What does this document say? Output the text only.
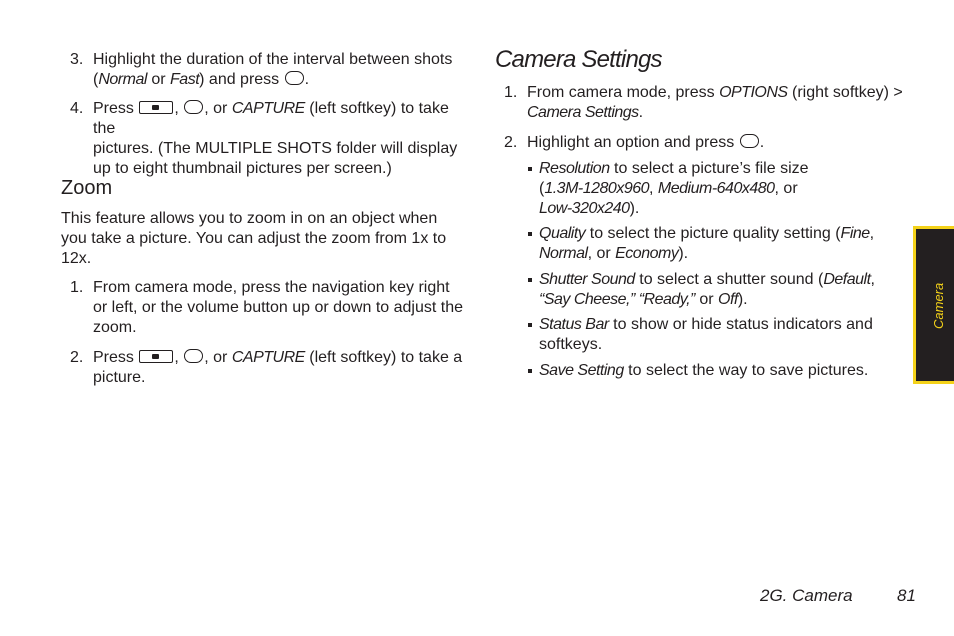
3. Highlight the duration of the interval between shots
(Normal or Fast) and press .
4. Press	, , or CAPTURE (left softkey) to take the
pictures. (The MULTIPLE SHOTS folder will display
up to eight thumbnail pictures per screen.)
Zoom
This feature allows you to zoom in on an object when
you take a picture. You can adjust the zoom from 1x to
12x.
1. From camera mode, press the navigation key right
or left, or the volume button up or down to adjust the
zoom.
2. Press	, , or CAPTURE (left softkey) to take a
picture.
Camera Settings
1. From camera mode, press OPTIONS (right softkey) >
Camera Settings.
2. Highlight an option and press .
Resolution to select a picture’s file size
(1.3M-1280x960, Medium-640x480, or
Low-320x240).
Quality to select the picture quality setting (Fine,
Normal, or Economy).
Shutter Sound to select a shutter sound (Default,
“Say Cheese,” “Ready,” or Off).
Status Bar to show or hide status indicators and
softkeys.
Save Setting to select the way to save pictures.
Camera
2G. Camera	81
